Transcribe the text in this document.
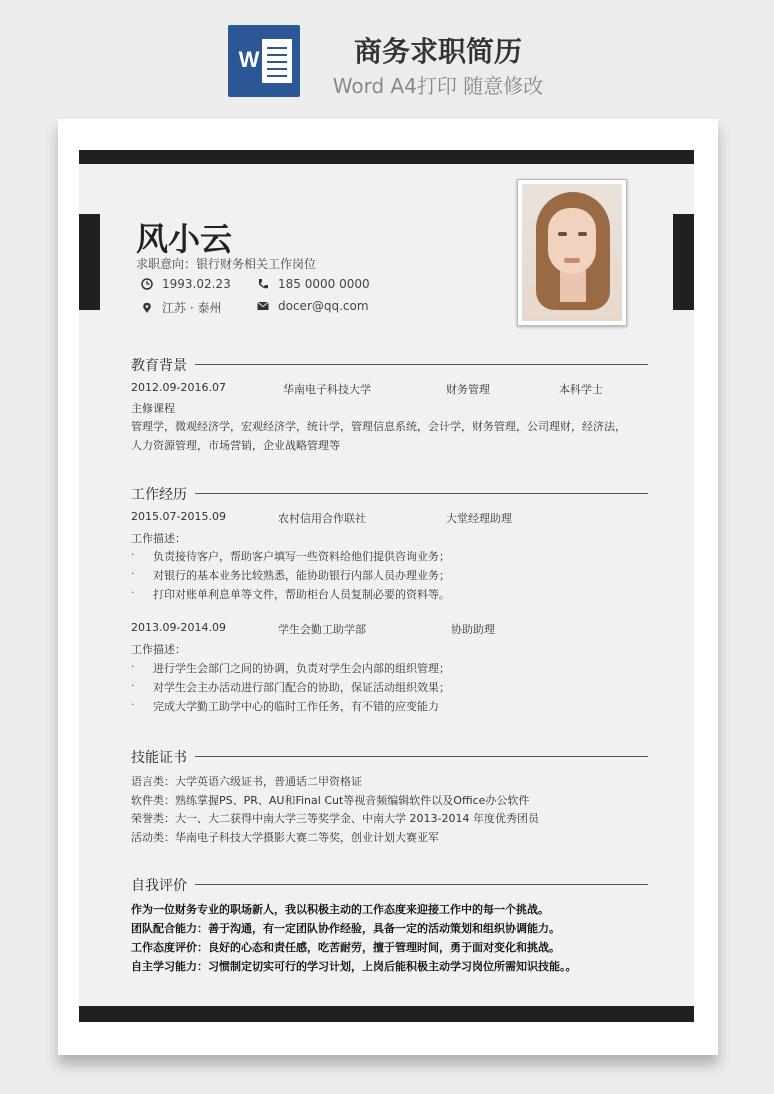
W	商务求职简历
Word A4打印 随意修改
风小云
求职意向：银行财务相关工作岗位
1993.02.23	185 0000 0000
江苏 · 泰州	docer@qq.com
教育背景
2012.09-2016.07	华南电子科技大学	财务管理	本科学士
主修课程
管理学，微观经济学，宏观经济学，统计学，管理信息系统，会计学，财务管理，公司理财，经济法，
人力资源管理，市场营销，企业战略管理等
工作经历
2015.07-2015.09	农村信用合作联社	大堂经理助理
工作描述：
· 负责接待客户，帮助客户填写一些资料给他们提供咨询业务；
· 对银行的基本业务比较熟悉，能协助银行内部人员办理业务；
· 打印对账单利息单等文件，帮助柜台人员复制必要的资料等。
2013.09-2014.09	学生会勤工助学部	协助助理
工作描述：
· 进行学生会部门之间的协调，负责对学生会内部的组织管理；
· 对学生会主办活动进行部门配合的协助，保证活动组织效果；
· 完成大学勤工助学中心的临时工作任务，有不错的应变能力
技能证书
语言类：大学英语六级证书，普通话二甲资格证
软件类：熟练掌握PS、PR、AU和Final Cut等视音频编辑软件以及Office办公软件
荣誉类：大一、大二获得中南大学三等奖学金、中南大学 2013-2014 年度优秀团员
活动类：华南电子科技大学摄影大赛二等奖，创业计划大赛亚军
自我评价
作为一位财务专业的职场新人，我以积极主动的工作态度来迎接工作中的每一个挑战。
团队配合能力：善于沟通，有一定团队协作经验，具备一定的活动策划和组织协调能力。
工作态度评价：良好的心态和责任感，吃苦耐劳，擅于管理时间，勇于面对变化和挑战。
自主学习能力：习惯制定切实可行的学习计划，上岗后能积极主动学习岗位所需知识技能。。
